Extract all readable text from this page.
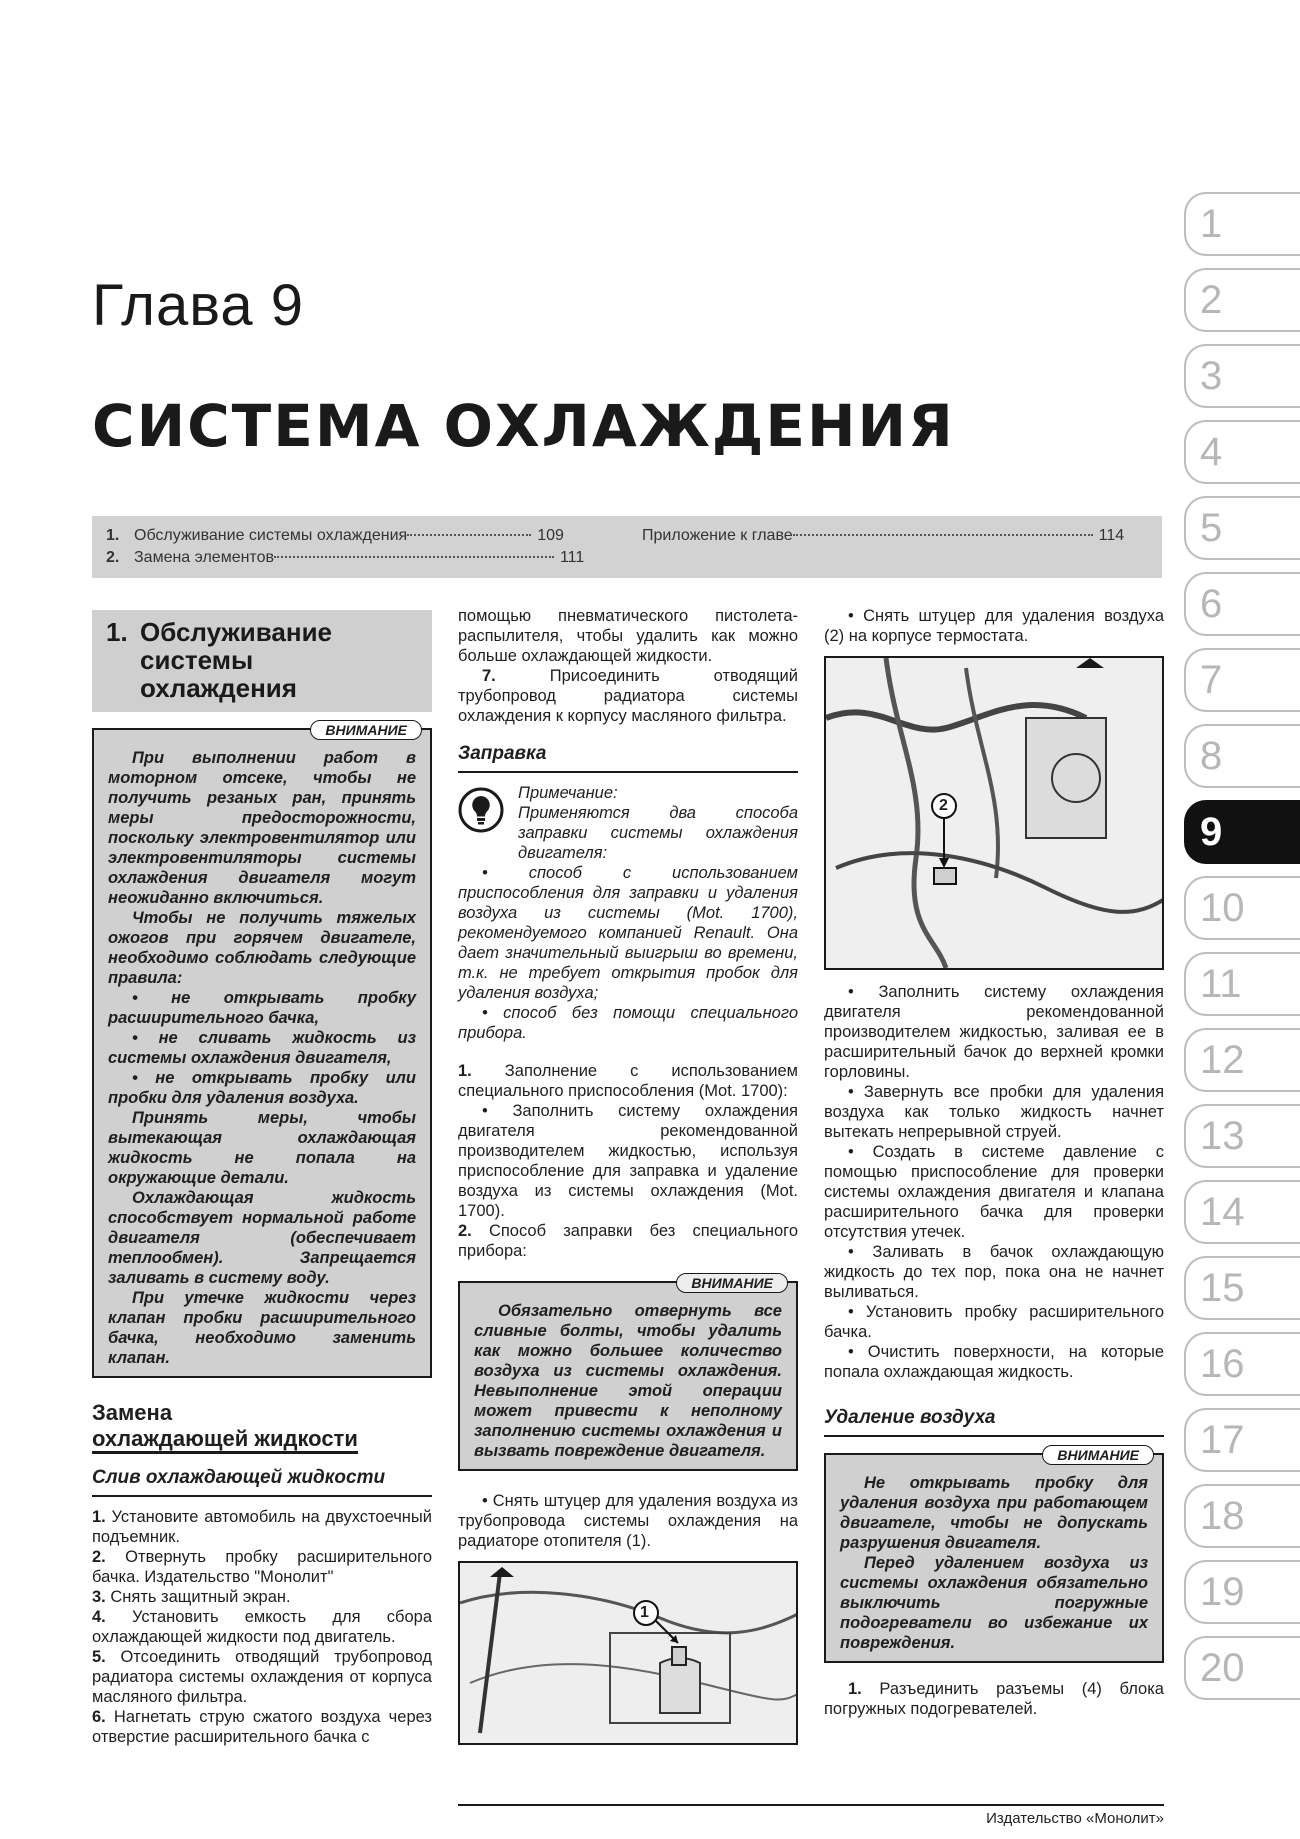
Глава 9
СИСТЕМА ОХЛАЖДЕНИЯ
1. Обслуживание системы охлаждения	109
2. Замена элементов	111
Приложение к главе	114
1
2
3
4
5
6
7
8
9
10
11
12
13
14
15
16
17
18
19
20
1. Обслуживание
системы
охлаждения
ВНИМАНИЕ

При выполнении работ в моторном отсеке, чтобы не получить резаных ран, принять меры предосторожности, поскольку электровентилятор или электровентиляторы системы охлаждения двигателя могут неожиданно включиться.

Чтобы не получить тяжелых ожогов при горячем двигателе, необходимо соблюдать следующие правила:

• не открывать пробку расширительного бачка,

• не сливать жидкость из системы охлаждения двигателя,

• не открывать пробку или пробки для удаления воздуха.

Принять меры, чтобы вытекающая охлаждающая жидкость не попала на окружающие детали.

Охлаждающая жидкость способствует нормальной работе двигателя (обеспечивает теплообмен). Запрещается заливать в систему воду.

При утечке жидкости через клапан пробки расширительного бачка, необходимо заменить клапан.

Замена
охлаждающей жидкости
Слив охлаждающей жидкости

1. Установите автомобиль на двухстоечный подъемник.

2. Отвернуть пробку расширительного бачка. Издательство "Монолит"

3. Снять защитный экран.

4. Установить емкость для сбора охлаждающей жидкости под двигатель.

5. Отсоединить отводящий трубопровод радиатора системы охлаждения от корпуса масляного фильтра.

6. Нагнетать струю сжатого воздуха через отверстие расширительного бачка с

помощью пневматического пистолета-распылителя, чтобы удалить как можно больше охлаждающей жидкости.

7.	Присоединить отводящий трубопровод радиатора системы охлаждения к корпусу масляного фильтра.

Заправка

Примечание:

Применяются два способа заправки системы охлаждения двигателя:

• способ с использованием приспособления для заправки и удаления воздуха из системы (Mot. 1700), рекомендуемого компанией Renault. Она дает значительный выигрыш во времени, т.к. не требует открытия пробок для удаления воздуха;

• способ без помощи специального прибора.

1. Заполнение с использованием специального приспособления (Mot. 1700):

• Заполнить систему охлаждения двигателя рекомендованной производителем жидкостью, используя приспособление для заправка и удаление воздуха из системы охлаждения (Mot. 1700).

2. Способ заправки без специального прибора:

ВНИМАНИЕ

Обязательно отвернуть все сливные болты, чтобы удалить как можно большее количество воздуха из системы охлаждения. Невыполнение этой операции может привести к неполному заполнению системы охлаждения и вызвать повреждение двигателя.

• Снять штуцер для удаления воздуха из трубопровода системы охлаждения на радиаторе отопителя (1).

1

• Снять штуцер для удаления воздуха (2) на корпусе термостата.

2

• Заполнить систему охлаждения двигателя рекомендованной производителем жидкостью, заливая ее в расширительный бачок до верхней кромки горловины.

• Завернуть все пробки для удаления воздуха как только жидкость начнет вытекать непрерывной струей.

• Создать в системе давление с помощью приспособление для проверки системы охлаждения двигателя и клапана расширительного бачка для проверки отсутствия утечек.

• Заливать в бачок охлаждающую жидкость до тех пор, пока она не начнет выливаться.

• Установить пробку расширительного бачка.

• Очистить поверхности, на которые попала охлаждающая жидкость.

Удаление воздуха
ВНИМАНИЕ

Не открывать пробку для удаления воздуха при работающем двигателе, чтобы не допускать разрушения двигателя.

Перед удалением воздуха из системы охлаждения обязательно выключить погружные подогреватели во избежание их повреждения.

1. Разъединить разъемы (4) блока погружных подогревателей.

Издательство «Монолит»
